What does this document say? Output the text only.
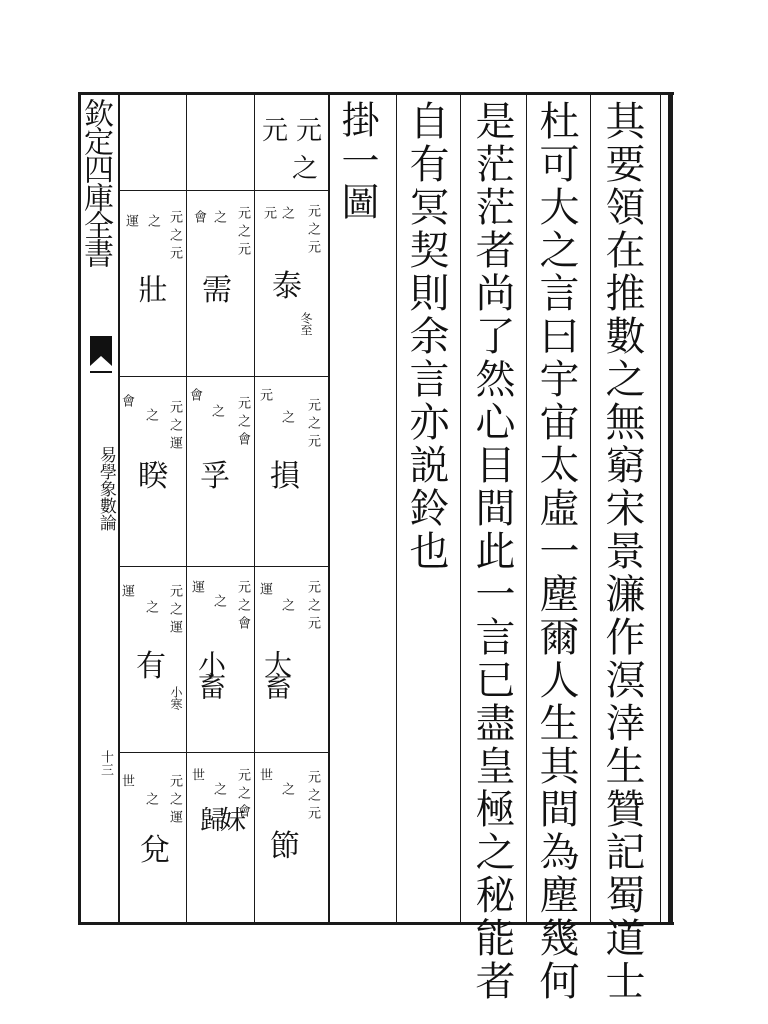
欽定四庫全書
易學象數論
十三	其要領在推數之無窮宋景濂作溟涬生贊記蜀道士
杜可大之言曰宇宙太虛一塵爾人生其間為塵幾何
是茫茫者尚了然心目間此一言已盡皇極之秘能者
自有冥契則余言亦説鈴也
掛一圖
元
元
之
元
之
元
之
元
泰
冬至
元
之
元
之
會
需
元
之
元
之
運
壯
元
之
元
之
元
損
元
之
會
之
會
孚
元
之
運
之
會
睽
元
之
元
之
運
大畜
元
之
會
之
運
小畜
元
之
運
之
運
有
小寒
元
之
元
之
世
節
元
之
會
之
世
歸妹
元
之
運
之
世
兌
